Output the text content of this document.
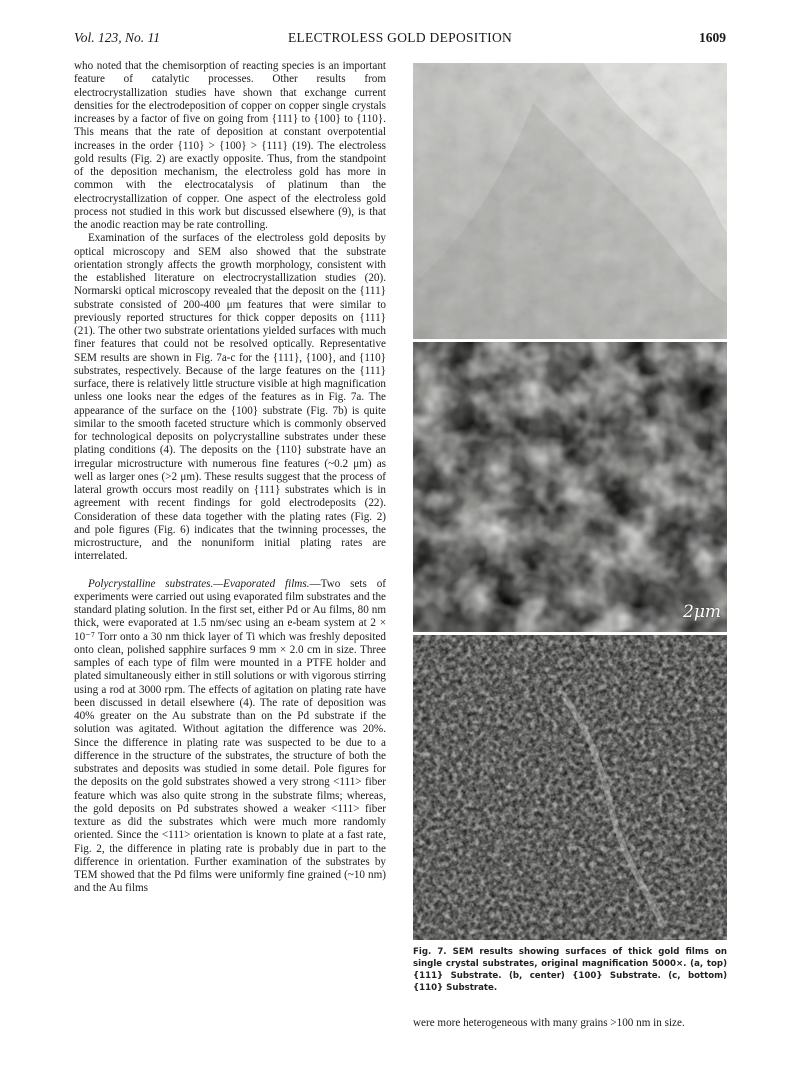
Vol. 123, No. 11	ELECTROLESS GOLD DEPOSITION	1609

who noted that the chemisorption of reacting species is an important feature of catalytic processes. Other results from electrocrystallization studies have shown that exchange current densities for the electrodeposition of copper on copper single crystals increases by a factor of five on going from {111} to {100} to {110}. This means that the rate of deposition at constant overpotential increases in the order {110} > {100} > {111} (19). The electroless gold results (Fig. 2) are exactly opposite. Thus, from the standpoint of the deposition mechanism, the electroless gold has more in common with the electrocatalysis of platinum than the electrocrystallization of copper. One aspect of the electroless gold process not studied in this work but discussed elsewhere (9), is that the anodic reaction may be rate controlling.

Examination of the surfaces of the electroless gold deposits by optical microscopy and SEM also showed that the substrate orientation strongly affects the growth morphology, consistent with the established literature on electrocrystallization studies (20). Normarski optical microscopy revealed that the deposit on the {111} substrate consisted of 200-400 μm features that were similar to previously reported structures for thick copper deposits on {111} (21). The other two substrate orientations yielded surfaces with much finer features that could not be resolved optically. Representative SEM results are shown in Fig. 7a-c for the {111}, {100}, and {110} substrates, respectively. Because of the large features on the {111} surface, there is relatively little structure visible at high magnification unless one looks near the edges of the features as in Fig. 7a. The appearance of the surface on the {100} substrate (Fig. 7b) is quite similar to the smooth faceted structure which is commonly observed for technological deposits on polycrystalline substrates under these plating conditions (4). The deposits on the {110} substrate have an irregular microstructure with numerous fine features (~0.2 μm) as well as larger ones (>2 μm). These results suggest that the process of lateral growth occurs most readily on {111} substrates which is in agreement with recent findings for gold electrodeposits (22). Consideration of these data together with the plating rates (Fig. 2) and pole figures (Fig. 6) indicates that the twinning processes, the microstructure, and the nonuniform initial plating rates are interrelated.

Polycrystalline substrates.—Evaporated films.—Two sets of experiments were carried out using evaporated film substrates and the standard plating solution. In the first set, either Pd or Au films, 80 nm thick, were evaporated at 1.5 nm/sec using an e-beam system at 2 × 10⁻⁷ Torr onto a 30 nm thick layer of Ti which was freshly deposited onto clean, polished sapphire surfaces 9 mm × 2.0 cm in size. Three samples of each type of film were mounted in a PTFE holder and plated simultaneously either in still solutions or with vigorous stirring using a rod at 3000 rpm. The effects of agitation on plating rate have been discussed in detail elsewhere (4). The rate of deposition was 40% greater on the Au substrate than on the Pd substrate if the solution was agitated. Without agitation the difference was 20%. Since the difference in plating rate was suspected to be due to a difference in the structure of the substrates, the structure of both the substrates and deposits was studied in some detail. Pole figures for the deposits on the gold substrates showed a very strong <111> fiber feature which was also quite strong in the substrate films; whereas, the gold deposits on Pd substrates showed a weaker <111> fiber texture as did the substrates which were much more randomly oriented. Since the <111> orientation is known to plate at a fast rate, Fig. 2, the difference in plating rate is probably due in part to the difference in orientation. Further examination of the substrates by TEM showed that the Pd films were uniformly fine grained (~10 nm) and the Au films

2μm
Fig. 7. SEM results showing surfaces of thick gold films on single crystal substrates, original magnification 5000×. (a, top) {111} Substrate. (b, center) {100} Substrate. (c, bottom) {110} Substrate.

were more heterogeneous with many grains >100 nm in size.
